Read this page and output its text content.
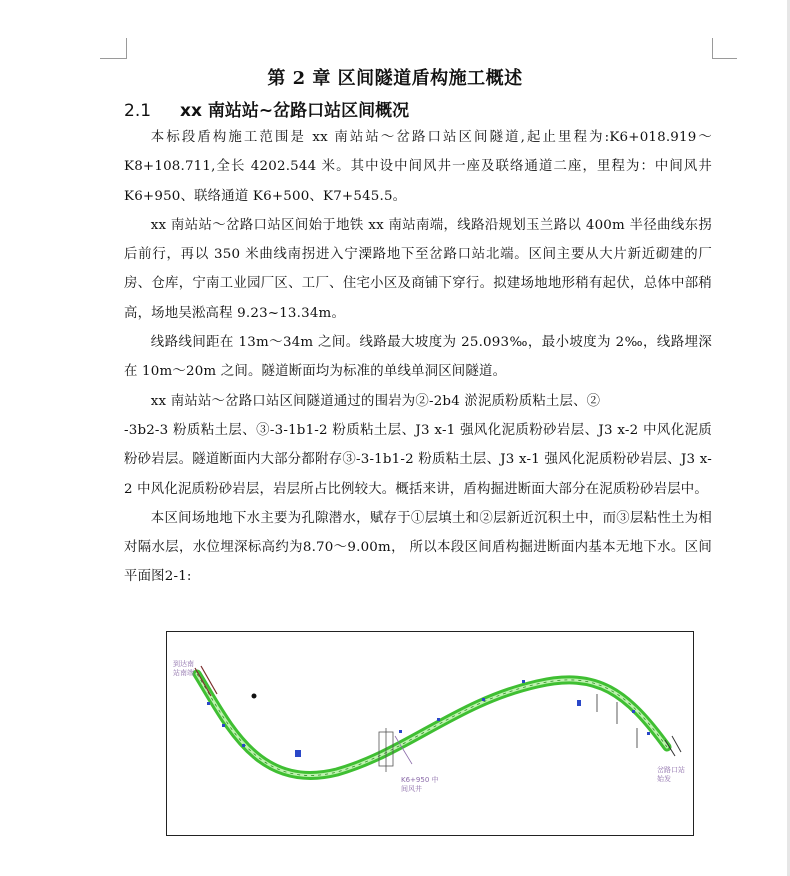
第 2 章 区间隧道盾构施工概述
2.1 xx 南站站~岔路口站区间概况

本标段盾构施工范围是 xx 南站站～岔路口站区间隧道,起止里程为:K6+018.919～K8+108.711,全长 4202.544 米。其中设中间风井一座及联络通道二座，里程为：中间风井 K6+950、联络通道 K6+500、K7+545.5。

xx 南站站～岔路口站区间始于地铁 xx 南站南端，线路沿规划玉兰路以 400m 半径曲线东拐后前行，再以 350 米曲线南拐进入宁溧路地下至岔路口站北端。区间主要从大片新近砌建的厂房、仓库，宁南工业园厂区、工厂、住宅小区及商铺下穿行。拟建场地地形稍有起伏，总体中部稍高，场地吴淞高程 9.23~13.34m。

线路线间距在 13m～34m 之间。线路最大坡度为 25.093‰，最小坡度为 2‰，线路埋深在 10m～20m 之间。隧道断面均为标准的单线单洞区间隧道。

xx 南站站～岔路口站区间隧道通过的围岩为②-2b4 淤泥质粉质粘土层、②

-3b2-3 粉质粘土层、③-3-1b1-2 粉质粘土层、J3 x-1 强风化泥质粉砂岩层、J3 x-2 中风化泥质粉砂岩层。隧道断面内大部分都附存③-3-1b1-2 粉质粘土层、J3 x-1 强风化泥质粉砂岩层、J3 x-2 中风化泥质粉砂岩层，岩层所占比例较大。概括来讲，盾构掘进断面大部分在泥质粉砂岩层中。

本区间场地地下水主要为孔隙潜水，赋存于①层填土和②层新近沉积土中，而③层粘性土为相对隔水层，水位埋深标高约为8.70～9.00m， 所以本段区间盾构掘进断面内基本无地下水。区间平面图2-1:

到达南站南端
岔路口站始发
K6+950 中间风井
